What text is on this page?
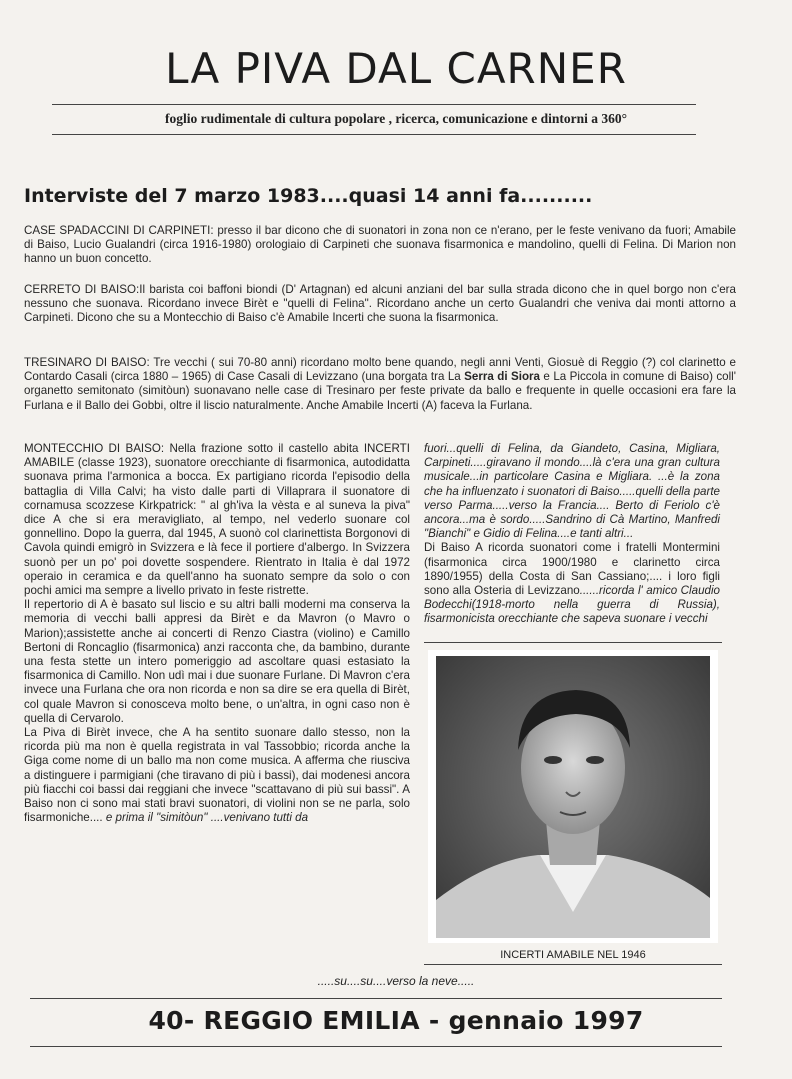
LA PIVA DAL CARNER
foglio rudimentale di cultura popolare , ricerca, comunicazione e dintorni a 360°
Interviste del 7 marzo 1983....quasi 14 anni fa..........
CASE SPADACCINI DI CARPINETI: presso il bar dicono che di suonatori in zona non ce n'erano, per le feste venivano da fuori; Amabile di Baiso, Lucio Gualandri (circa 1916-1980) orologiaio di Carpineti che suonava fisarmonica e mandolino, quelli di Felina. Di Marion non hanno un buon concetto.
CERRETO DI BAISO:Il barista coi baffoni biondi (D' Artagnan) ed alcuni anziani del bar sulla strada dicono che in quel borgo non c'era nessuno che suonava. Ricordano invece Birèt e "quelli di Felina". Ricordano anche un certo Gualandri che veniva dai monti attorno a Carpineti. Dicono che su a Montecchio di Baiso c'è Amabile Incerti che suona la fisarmonica.
TRESINARO DI BAISO: Tre vecchi ( sui 70-80 anni) ricordano molto bene quando, negli anni Venti, Giosuè di Reggio (?) col clarinetto e Contardo Casali (circa 1880 – 1965) di Case Casali di Levizzano (una borgata tra La Serra di Siora e La Piccola in comune di Baiso) coll' organetto semitonato (simitòun) suonavano nelle case di Tresinaro per feste private da ballo e frequente in quelle occasioni era fare la Furlana e il Ballo dei Gobbi, oltre il liscio naturalmente. Anche Amabile Incerti (A) faceva la Furlana.
MONTECCHIO DI BAISO: Nella frazione sotto il castello abita INCERTI AMABILE (classe 1923), suonatore orecchiante di fisarmonica, autodidatta suonava prima l'armonica a bocca. Ex partigiano ricorda l'episodio della battaglia di Villa Calvi; ha visto dalle parti di Villaprara il suonatore di cornamusa scozzese Kirkpatrick: " al gh'iva la vèsta e al suneva la piva" dice A che si era meravigliato, al tempo, nel vederlo suonare col gonnellino. Dopo la guerra, dal 1945, A suonò col clarinettista Borgonovi di Cavola quindi emigrò in Svizzera e là fece il portiere d'albergo. In Svizzera suonò per un po' poi dovette sospendere. Rientrato in Italia è dal 1972 operaio in ceramica e da quell'anno ha suonato sempre da solo o con pochi amici ma sempre a livello privato in feste ristrette.
Il repertorio di A è basato sul liscio e su altri balli moderni ma conserva la memoria di vecchi balli appresi da Birèt e da Mavron (o Mavro o Marion);assistette anche ai concerti di Renzo Ciastra (violino) e Camillo Bertoni di Roncaglio (fisarmonica) anzi racconta che, da bambino, durante una festa stette un intero pomeriggio ad ascoltare quasi estasiato la fisarmonica di Camillo. Non udì mai i due suonare Furlane. Di Mavron c'era invece una Furlana che ora non ricorda e non sa dire se era quella di Birèt, col quale Mavron si conosceva molto bene, o un'altra, in ogni caso non è quella di Cervarolo.
La Piva di Birèt invece, che A ha sentito suonare dallo stesso, non la ricorda più ma non è quella registrata in val Tassobbio; ricorda anche la Giga come nome di un ballo ma non come musica. A afferma che riusciva a distinguere i parmigiani (che tiravano di più i bassi), dai modenesi ancora più fiacchi coi bassi dai reggiani che invece "scattavano di più sui bassi". A Baiso non ci sono mai stati bravi suonatori, di violini non se ne parla, solo fisarmoniche.... e prima il "simitòun" ....venivano tutti da
fuori...quelli di Felina, da Giandeto, Casina, Migliara, Carpineti.....giravano il mondo....là c'era una gran cultura musicale...in particolare Casina e Migliara. ...è la zona che ha influenzato i suonatori di Baiso.....quelli della parte verso Parma.....verso la Francia.... Berto di Feriolo c'è ancora...ma è sordo.....Sandrino di Cà Martino, Manfredi "Bianchi" e Gidio di Felina....e tanti altri...
Di Baiso A ricorda suonatori come i fratelli Montermini (fisarmonica circa 1900/1980 e clarinetto circa 1890/1955) della Costa di San Cassiano;.... i loro figli sono alla Osteria di Levizzano......ricorda l' amico Claudio Bodecchi(1918-morto nella guerra di Russia), fisarmonicista orecchiante che sapeva suonare i vecchi
INCERTI AMABILE NEL 1946
.....su....su....verso la neve.....
40- REGGIO EMILIA - gennaio 1997
